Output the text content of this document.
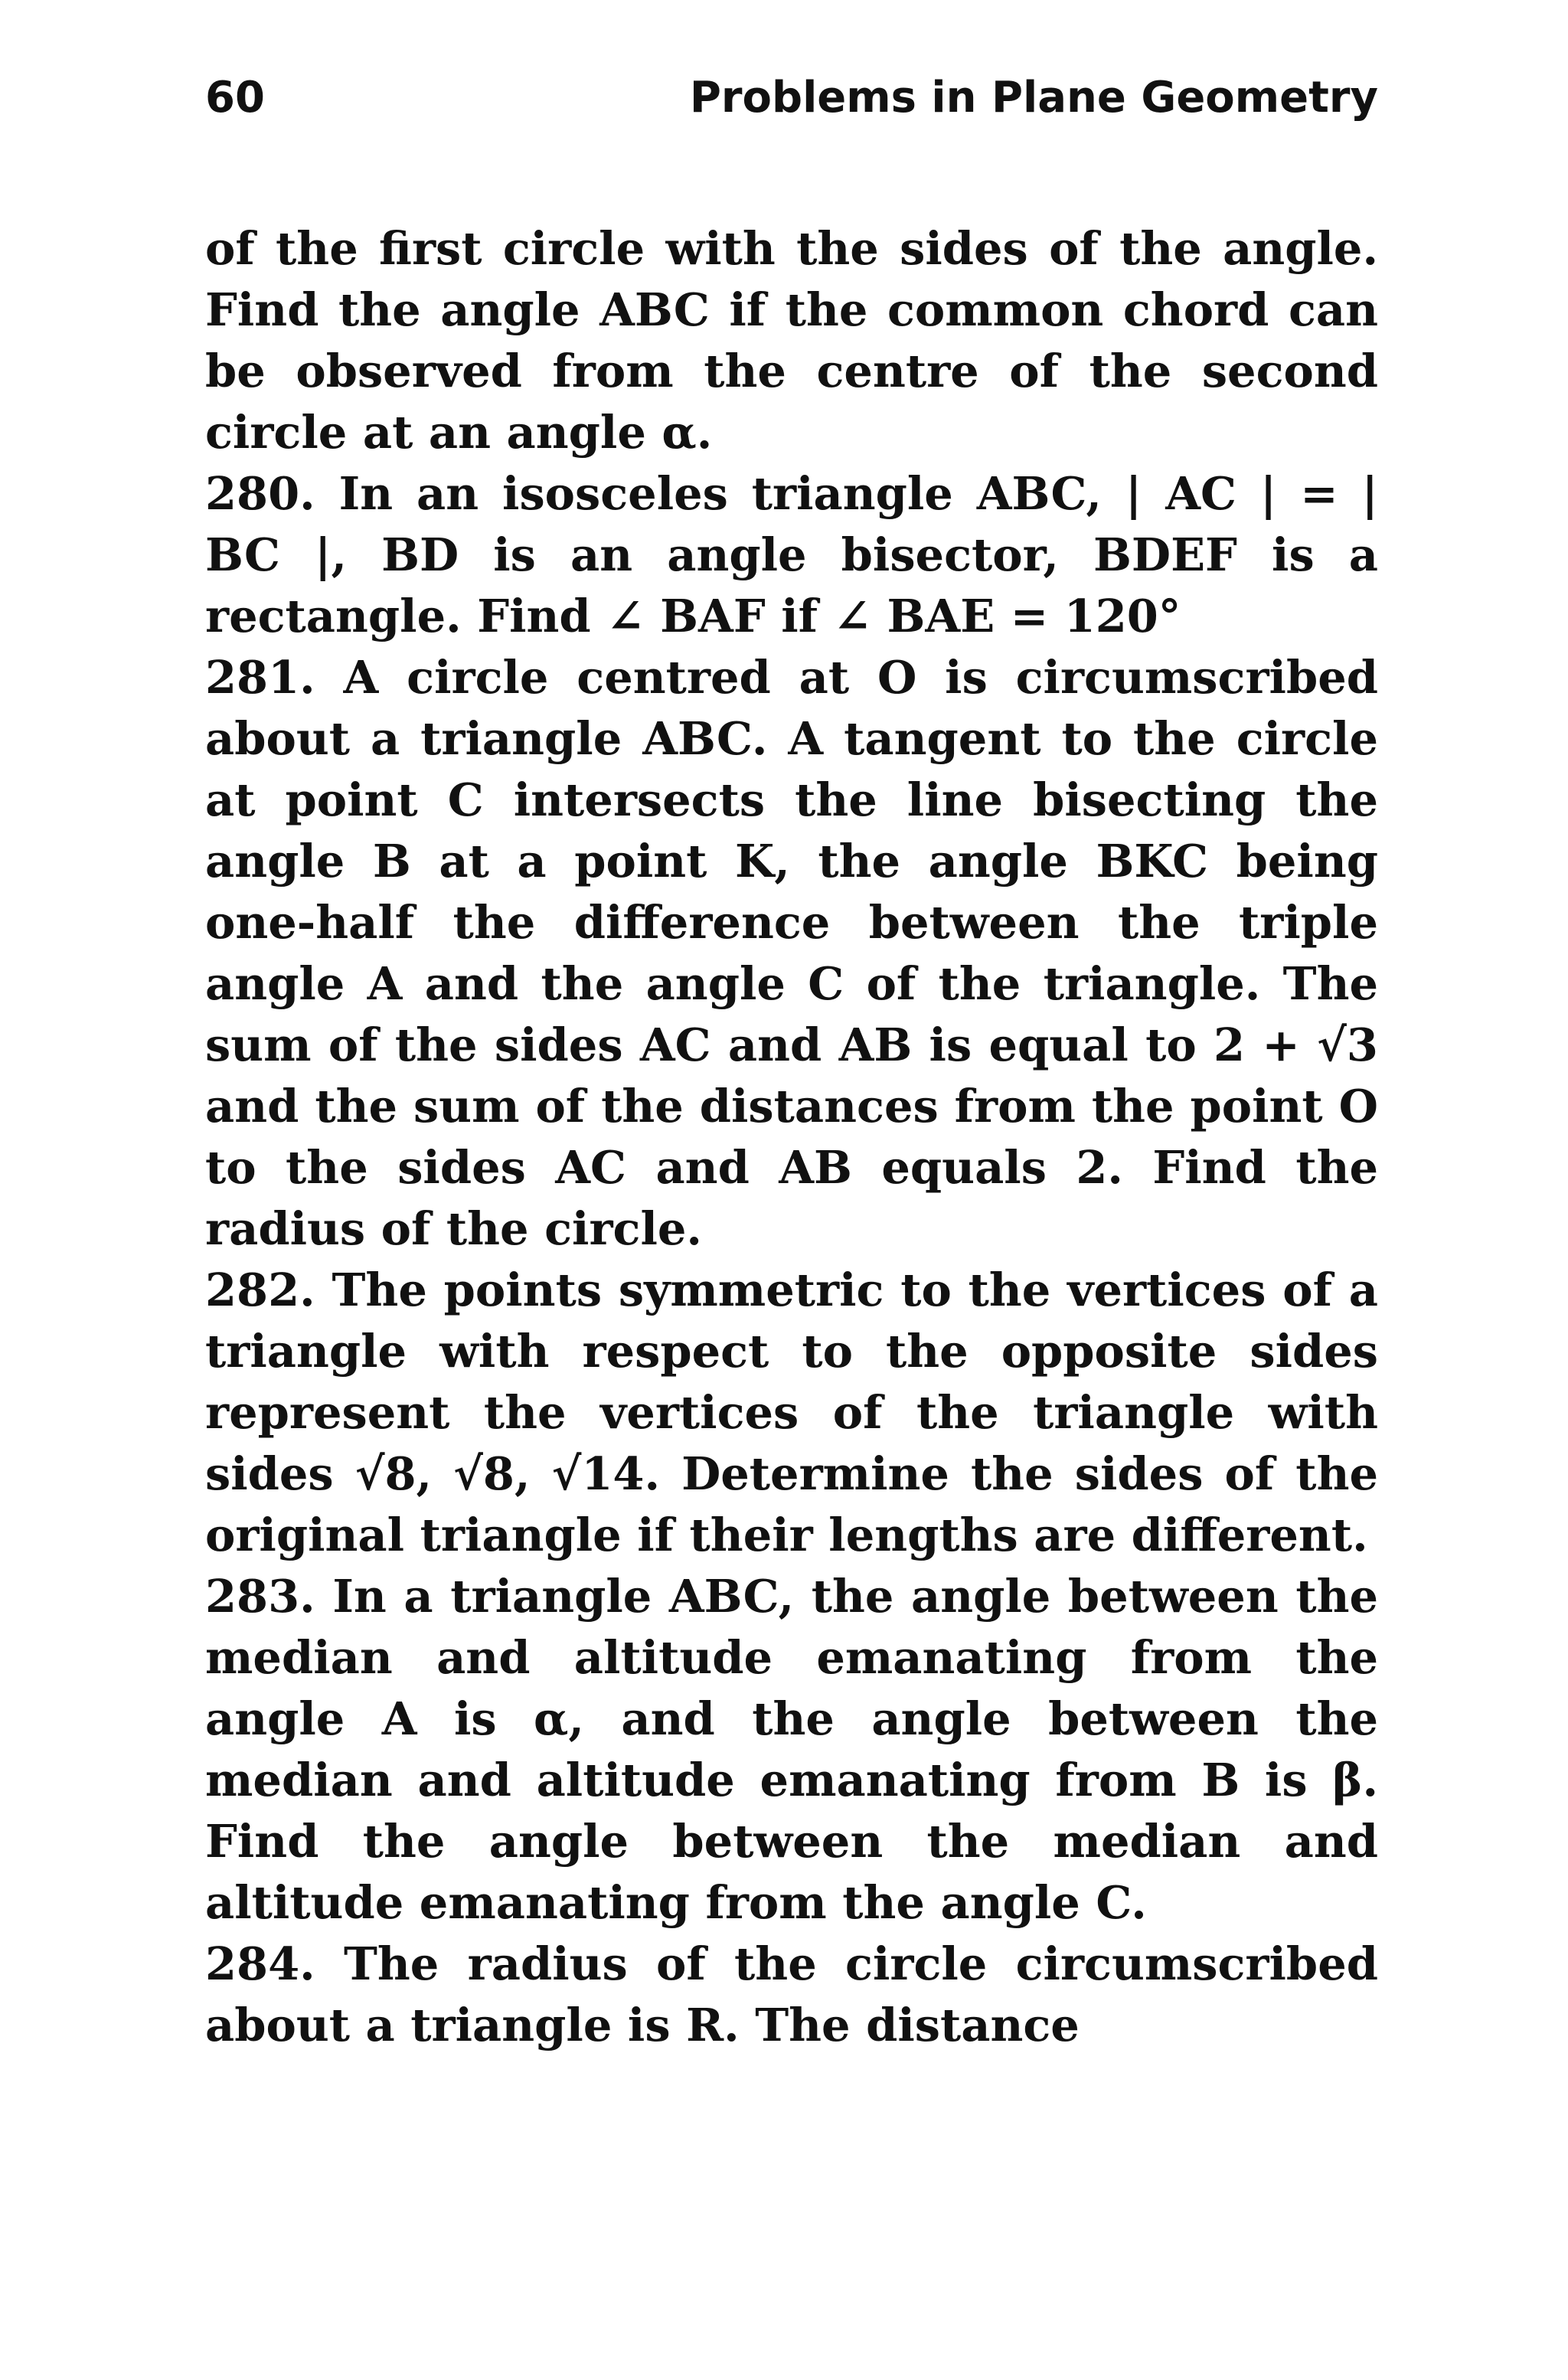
60	Problems in Plane Geometry

of the first circle with the sides of the angle. Find the angle ABC if the common chord can be observed from the centre of the second circle at an angle α.

280. In an isosceles triangle ABC, | AC | = | BC |, BD is an angle bisector, BDEF is a rectangle. Find ∠ BAF if ∠ BAE = 120°

281. A circle centred at O is circumscribed about a triangle ABC. A tangent to the circle at point C intersects the line bisecting the angle B at a point K, the angle BKC being one-half the difference between the triple angle A and the angle C of the triangle. The sum of the sides AC and AB is equal to 2 + √3 and the sum of the distances from the point O to the sides AC and AB equals 2. Find the radius of the circle.

282. The points symmetric to the vertices of a triangle with respect to the opposite sides represent the vertices of the triangle with sides √8, √8, √14. Determine the sides of the original triangle if their lengths are different.

283. In a triangle ABC, the angle between the median and altitude emanating from the angle A is α, and the angle between the median and altitude emanating from B is β. Find the angle between the median and altitude emanating from the angle C.

284. The radius of the circle circumscribed about a triangle is R. The distance
